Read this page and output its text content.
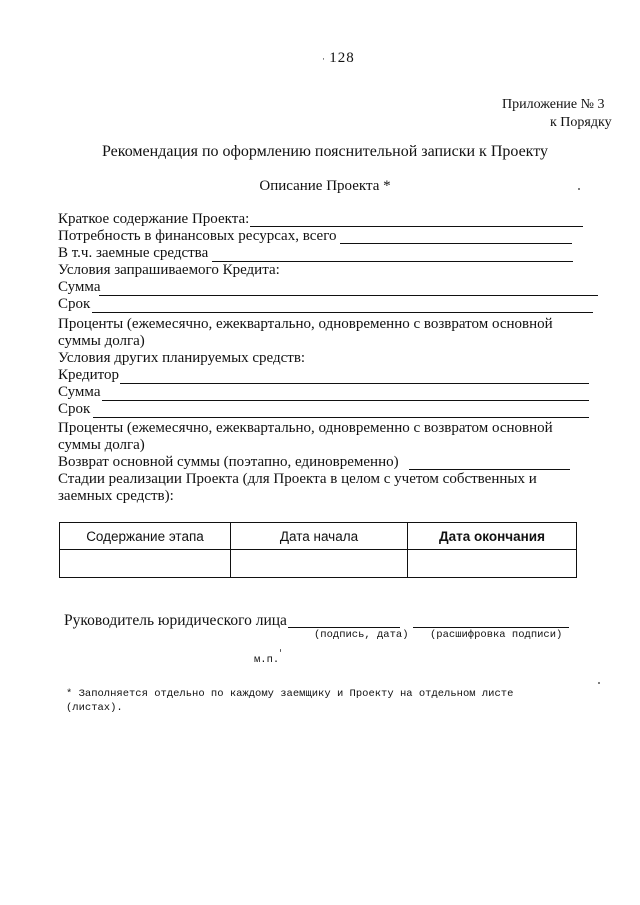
· 128
Приложение № 3
к Порядку
Рекомендация по оформлению пояснительной записки к Проекту
Описание Проекта *
Краткое содержание Проекта:
Потребность в финансовых ресурсах, всего
В т.ч. заемные средства
Условия запрашиваемого Кредита:
Сумма
Срок
Проценты (ежемесячно, ежеквартально, одновременно с возвратом основной
суммы долга)
Условия других планируемых средств:
Кредитор
Сумма
Срок
Проценты (ежемесячно, ежеквартально, одновременно с возвратом основной
суммы долга)
Возврат основной суммы (поэтапно, единовременно)
Стадии реализации Проекта (для Проекта в целом с учетом собственных и
заемных средств):
Содержание этапа	Дата начала	Дата окончания

Руководитель юридического лица
(подпись, дата) (расшифровка подписи)
м.п.
* Заполняется отдельно по каждому заемщику и Проекту на отдельном листе
(листах).
